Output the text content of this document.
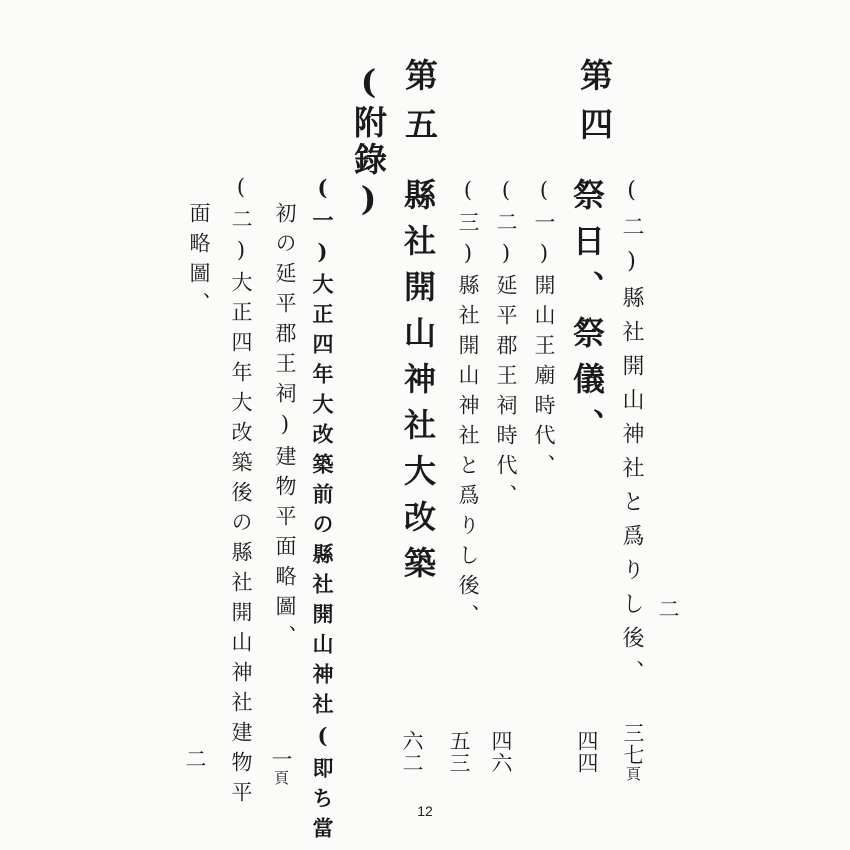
第四
(二)縣社開山神社と爲りし後、
三七頁
二
祭日、祭儀、
(一)開山王廟時代、
四四
(二)延平郡王祠時代、
四六
(三)縣社開山神社と爲りし後、
五三
第五
縣社開山神社大改築
六二
(附錄)
(一)大正四年大改築前の縣社開山神社(即ち當
初の延平郡王祠)建物平面略圖、
一頁
(二)大正四年大改築後の縣社開山神社建物平
面略圖、
二
12
